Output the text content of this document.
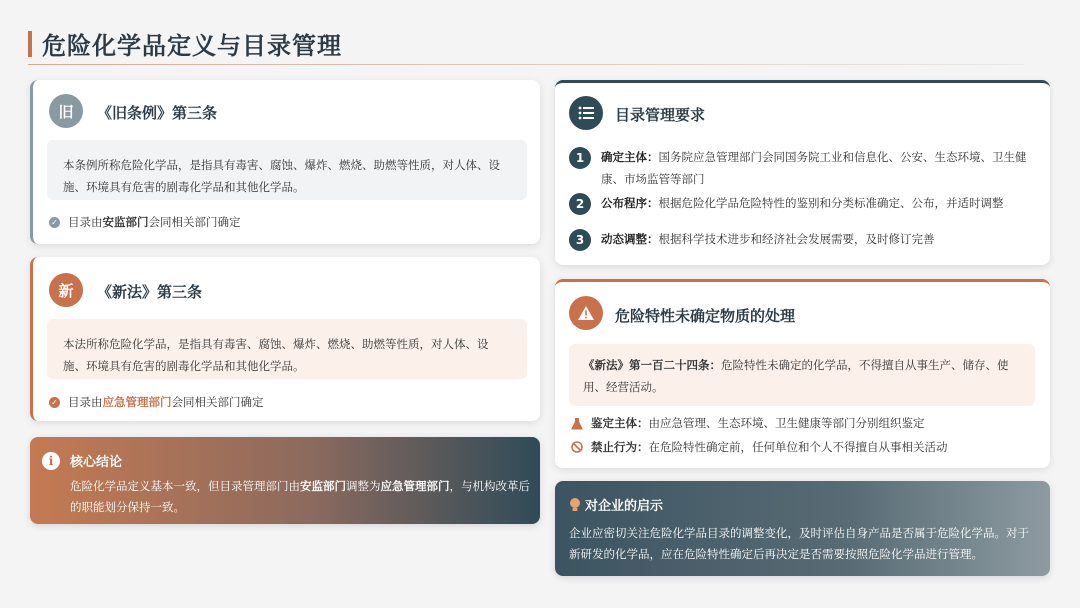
危险化学品定义与目录管理
旧	《旧条例》第三条
本条例所称危险化学品，是指具有毒害、腐蚀、爆炸、燃烧、助燃等性质，对人体、设施、环境具有危害的剧毒化学品和其他化学品。
✓ 目录由 安监部门 会同相关部门确定
新	《新法》第三条
本法所称危险化学品，是指具有毒害、腐蚀、爆炸、燃烧、助燃等性质，对人体、设施、环境具有危害的剧毒化学品和其他化学品。
✓ 目录由 应急管理部门 会同相关部门确定
i	核心结论
危险化学品定义基本一致，但目录管理部门由安监部门调整为应急管理部门，与机构改革后的职能划分保持一致。
目录管理要求
1	确定主体：国务院应急管理部门会同国务院工业和信息化、公安、生态环境、卫生健康、市场监管等部门
2	公布程序：根据危险化学品危险特性的鉴别和分类标准确定、公布，并适时调整
3	动态调整：根据科学技术进步和经济社会发展需要，及时修订完善
危险特性未确定物质的处理
《新法》第一百二十四条：危险特性未确定的化学品，不得擅自从事生产、储存、使用、经营活动。
鉴定主体： 由应急管理、生态环境、卫生健康等部门分别组织鉴定
禁止行为： 在危险特性确定前，任何单位和个人不得擅自从事相关活动
对企业的启示
企业应密切关注危险化学品目录的调整变化，及时评估自身产品是否属于危险化学品。对于新研发的化学品，应在危险特性确定后再决定是否需要按照危险化学品进行管理。
